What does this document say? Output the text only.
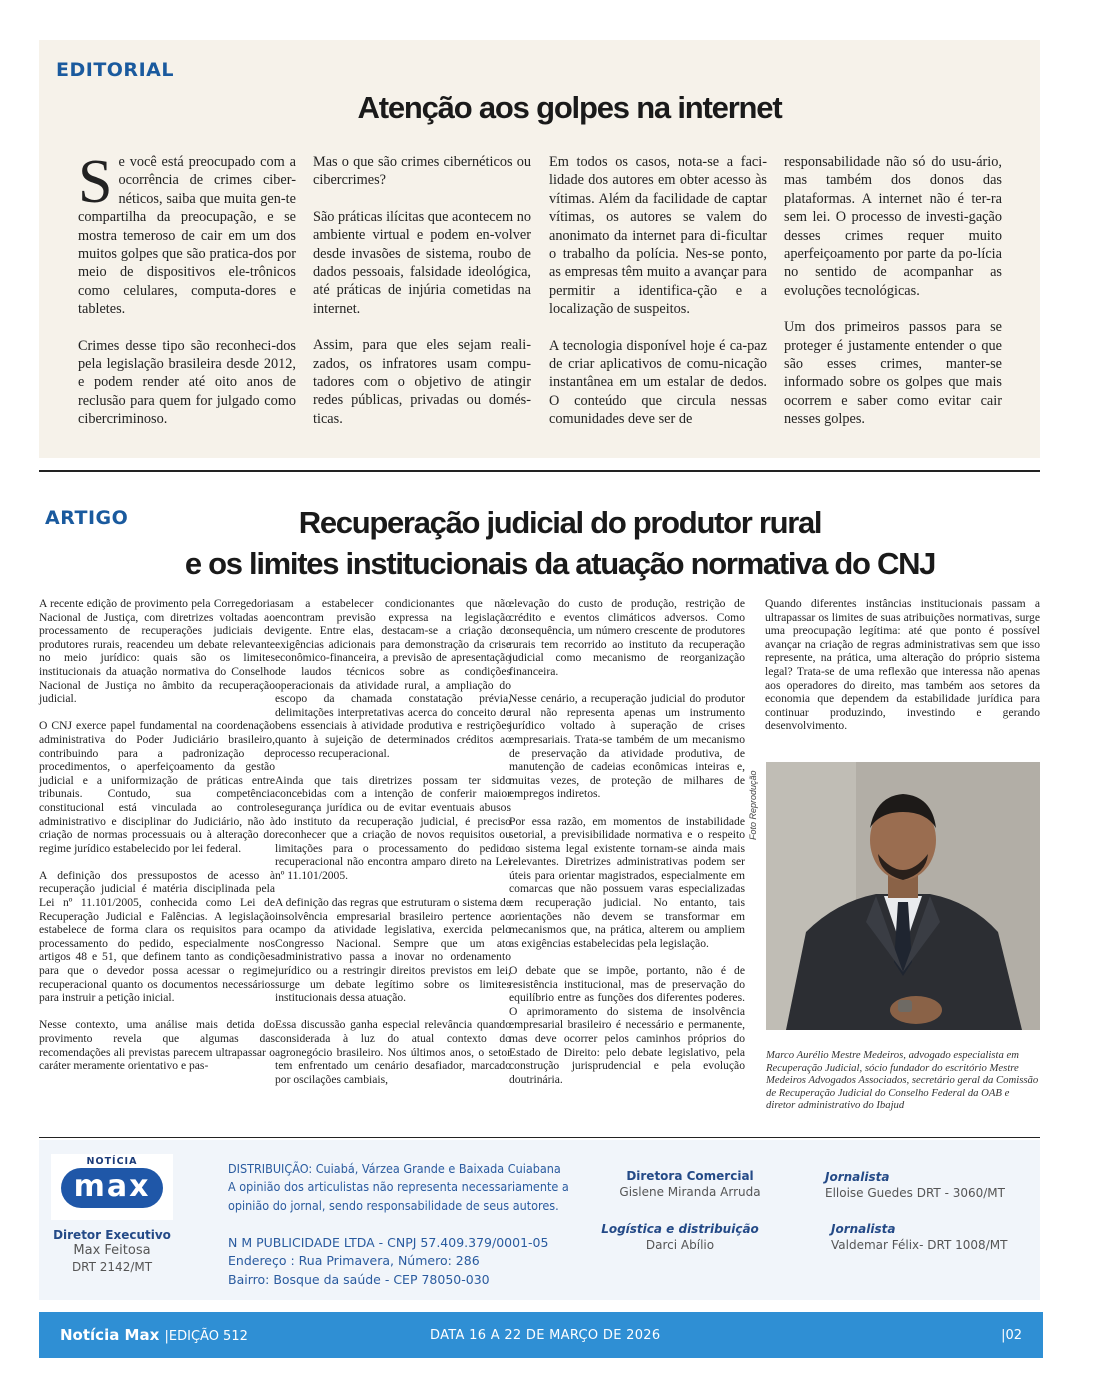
EDITORIAL
Atenção aos golpes na internet

Se você está preocupado com a ocorrência de crimes ciber-néticos, saiba que muita gen-te compartilha da preocupação, e se mostra temeroso de cair em um dos muitos golpes que são pratica-dos por meio de dispositivos ele-trônicos como celulares, computa-dores e tabletes.

Crimes desse tipo são reconheci-dos pela legislação brasileira desde 2012, e podem render até oito anos de reclusão para quem for julgado como cibercriminoso.

Mas o que são crimes cibernéticos ou cibercrimes?

São práticas ilícitas que acontecem no ambiente virtual e podem en-volver desde invasões de sistema, roubo de dados pessoais, falsidade ideológica, até práticas de injúria cometidas na internet.

Assim, para que eles sejam reali-zados, os infratores usam compu-tadores com o objetivo de atingir redes públicas, privadas ou domés-ticas.

Em todos os casos, nota-se a faci-lidade dos autores em obter acesso às vítimas. Além da facilidade de captar vítimas, os autores se valem do anonimato da internet para di-ficultar o trabalho da polícia. Nes-se ponto, as empresas têm muito a avançar para permitir a identifica-ção e a localização de suspeitos.

A tecnologia disponível hoje é ca-paz de criar aplicativos de comu-nicação instantânea em um estalar de dedos. O conteúdo que circula nessas comunidades deve ser de

responsabilidade não só do usu-ário, mas também dos donos das plataformas. A internet não é ter-ra sem lei. O processo de investi-gação desses crimes requer muito aperfeiçoamento por parte da po-lícia no sentido de acompanhar as evoluções tecnológicas.

Um dos primeiros passos para se proteger é justamente entender o que são esses crimes, manter-se informado sobre os golpes que mais ocorrem e saber como evitar cair nesses golpes.

ARTIGO	Recuperação judicial do produtor rural
e os limites institucionais da atuação normativa do CNJ

A recente edição de provimento pela Corregedoria Nacional de Justiça, com diretrizes voltadas ao processamento de recuperações judiciais de produtores rurais, reacendeu um debate relevante no meio jurídico: quais são os limites institucionais da atuação normativa do Conselho Nacional de Justiça no âmbito da recuperação judicial.

O CNJ exerce papel fundamental na coordenação administrativa do Poder Judiciário brasileiro, contribuindo para a padronização de procedimentos, o aperfeiçoamento da gestão judicial e a uniformização de práticas entre tribunais. Contudo, sua competência constitucional está vinculada ao controle administrativo e disciplinar do Judiciário, não à criação de normas processuais ou à alteração do regime jurídico estabelecido por lei federal.

A definição dos pressupostos de acesso à recuperação judicial é matéria disciplinada pela Lei nº 11.101/2005, conhecida como Lei de Recuperação Judicial e Falências. A legislação estabelece de forma clara os requisitos para o processamento do pedido, especialmente nos artigos 48 e 51, que definem tanto as condições para que o devedor possa acessar o regime recuperacional quanto os documentos necessários para instruir a petição inicial.

Nesse contexto, uma análise mais detida do provimento revela que algumas das recomendações ali previstas parecem ultrapassar o caráter meramente orientativo e pas-

sam a estabelecer condicionantes que não encontram previsão expressa na legislação vigente. Entre elas, destacam-se a criação de exigências adicionais para demonstração da crise econômico-financeira, a previsão de apresentação de laudos técnicos sobre as condições operacionais da atividade rural, a ampliação do escopo da chamada constatação prévia, delimitações interpretativas acerca do conceito de bens essenciais à atividade produtiva e restrições quanto à sujeição de determinados créditos ao processo recuperacional.

Ainda que tais diretrizes possam ter sido concebidas com a intenção de conferir maior segurança jurídica ou de evitar eventuais abusos do instituto da recuperação judicial, é preciso reconhecer que a criação de novos requisitos ou limitações para o processamento do pedido recuperacional não encontra amparo direto na Lei nº 11.101/2005.

A definição das regras que estruturam o sistema de insolvência empresarial brasileiro pertence ao campo da atividade legislativa, exercida pelo Congresso Nacional. Sempre que um ato administrativo passa a inovar no ordenamento jurídico ou a restringir direitos previstos em lei, surge um debate legítimo sobre os limites institucionais dessa atuação.

Essa discussão ganha especial relevância quando considerada à luz do atual contexto do agronegócio brasileiro. Nos últimos anos, o setor tem enfrentado um cenário desafiador, marcado por oscilações cambiais,

elevação do custo de produção, restrição de crédito e eventos climáticos adversos. Como consequência, um número crescente de produtores rurais tem recorrido ao instituto da recuperação judicial como mecanismo de reorganização financeira.

Nesse cenário, a recuperação judicial do produtor rural não representa apenas um instrumento jurídico voltado à superação de crises empresariais. Trata-se também de um mecanismo de preservação da atividade produtiva, de manutenção de cadeias econômicas inteiras e, muitas vezes, de proteção de milhares de empregos indiretos.

Por essa razão, em momentos de instabilidade setorial, a previsibilidade normativa e o respeito ao sistema legal existente tornam-se ainda mais relevantes. Diretrizes administrativas podem ser úteis para orientar magistrados, especialmente em comarcas que não possuem varas especializadas em recuperação judicial. No entanto, tais orientações não devem se transformar em mecanismos que, na prática, alterem ou ampliem as exigências estabelecidas pela legislação.

O debate que se impõe, portanto, não é de resistência institucional, mas de preservação do equilíbrio entre as funções dos diferentes poderes. O aprimoramento do sistema de insolvência empresarial brasileiro é necessário e permanente, mas deve ocorrer pelos caminhos próprios do Estado de Direito: pelo debate legislativo, pela construção jurisprudencial e pela evolução doutrinária.

Quando diferentes instâncias institucionais passam a ultrapassar os limites de suas atribuições normativas, surge uma preocupação legítima: até que ponto é possível avançar na criação de regras administrativas sem que isso represente, na prática, uma alteração do próprio sistema legal? Trata-se de uma reflexão que interessa não apenas aos operadores do direito, mas também aos setores da economia que dependem da estabilidade jurídica para continuar produzindo, investindo e gerando desenvolvimento.

Foto Reprodução

Marco Aurélio Mestre Medeiros, advogado especialista em Recuperação Judicial, sócio fundador do escritório Mestre Medeiros Advogados Associados, secretário geral da Comissão de Recuperação Judicial do Conselho Federal da OAB e diretor administrativo do Ibajud

NOTÍCIA
max
Diretor Executivo
Max Feitosa
DRT 2142/MT
DISTRIBUIÇÃO: Cuiabá, Várzea Grande e Baixada Cuiabana
A opinião dos articulistas não representa necessariamente a opinião do jornal, sendo responsabilidade de seus autores.
N M PUBLICIDADE LTDA - CNPJ 57.409.379/0001-05
Endereço : Rua Primavera, Número: 286
Bairro: Bosque da saúde - CEP 78050-030
Diretora Comercial
Gislene Miranda Arruda
Logística e distribuição
Darci Abílio
Jornalista
Elloise Guedes DRT - 3060/MT
Jornalista
Valdemar Félix- DRT 1008/MT
Notícia Max |EDIÇÃO 512	DATA 16 A 22 DE MARÇO DE 2026	|02
